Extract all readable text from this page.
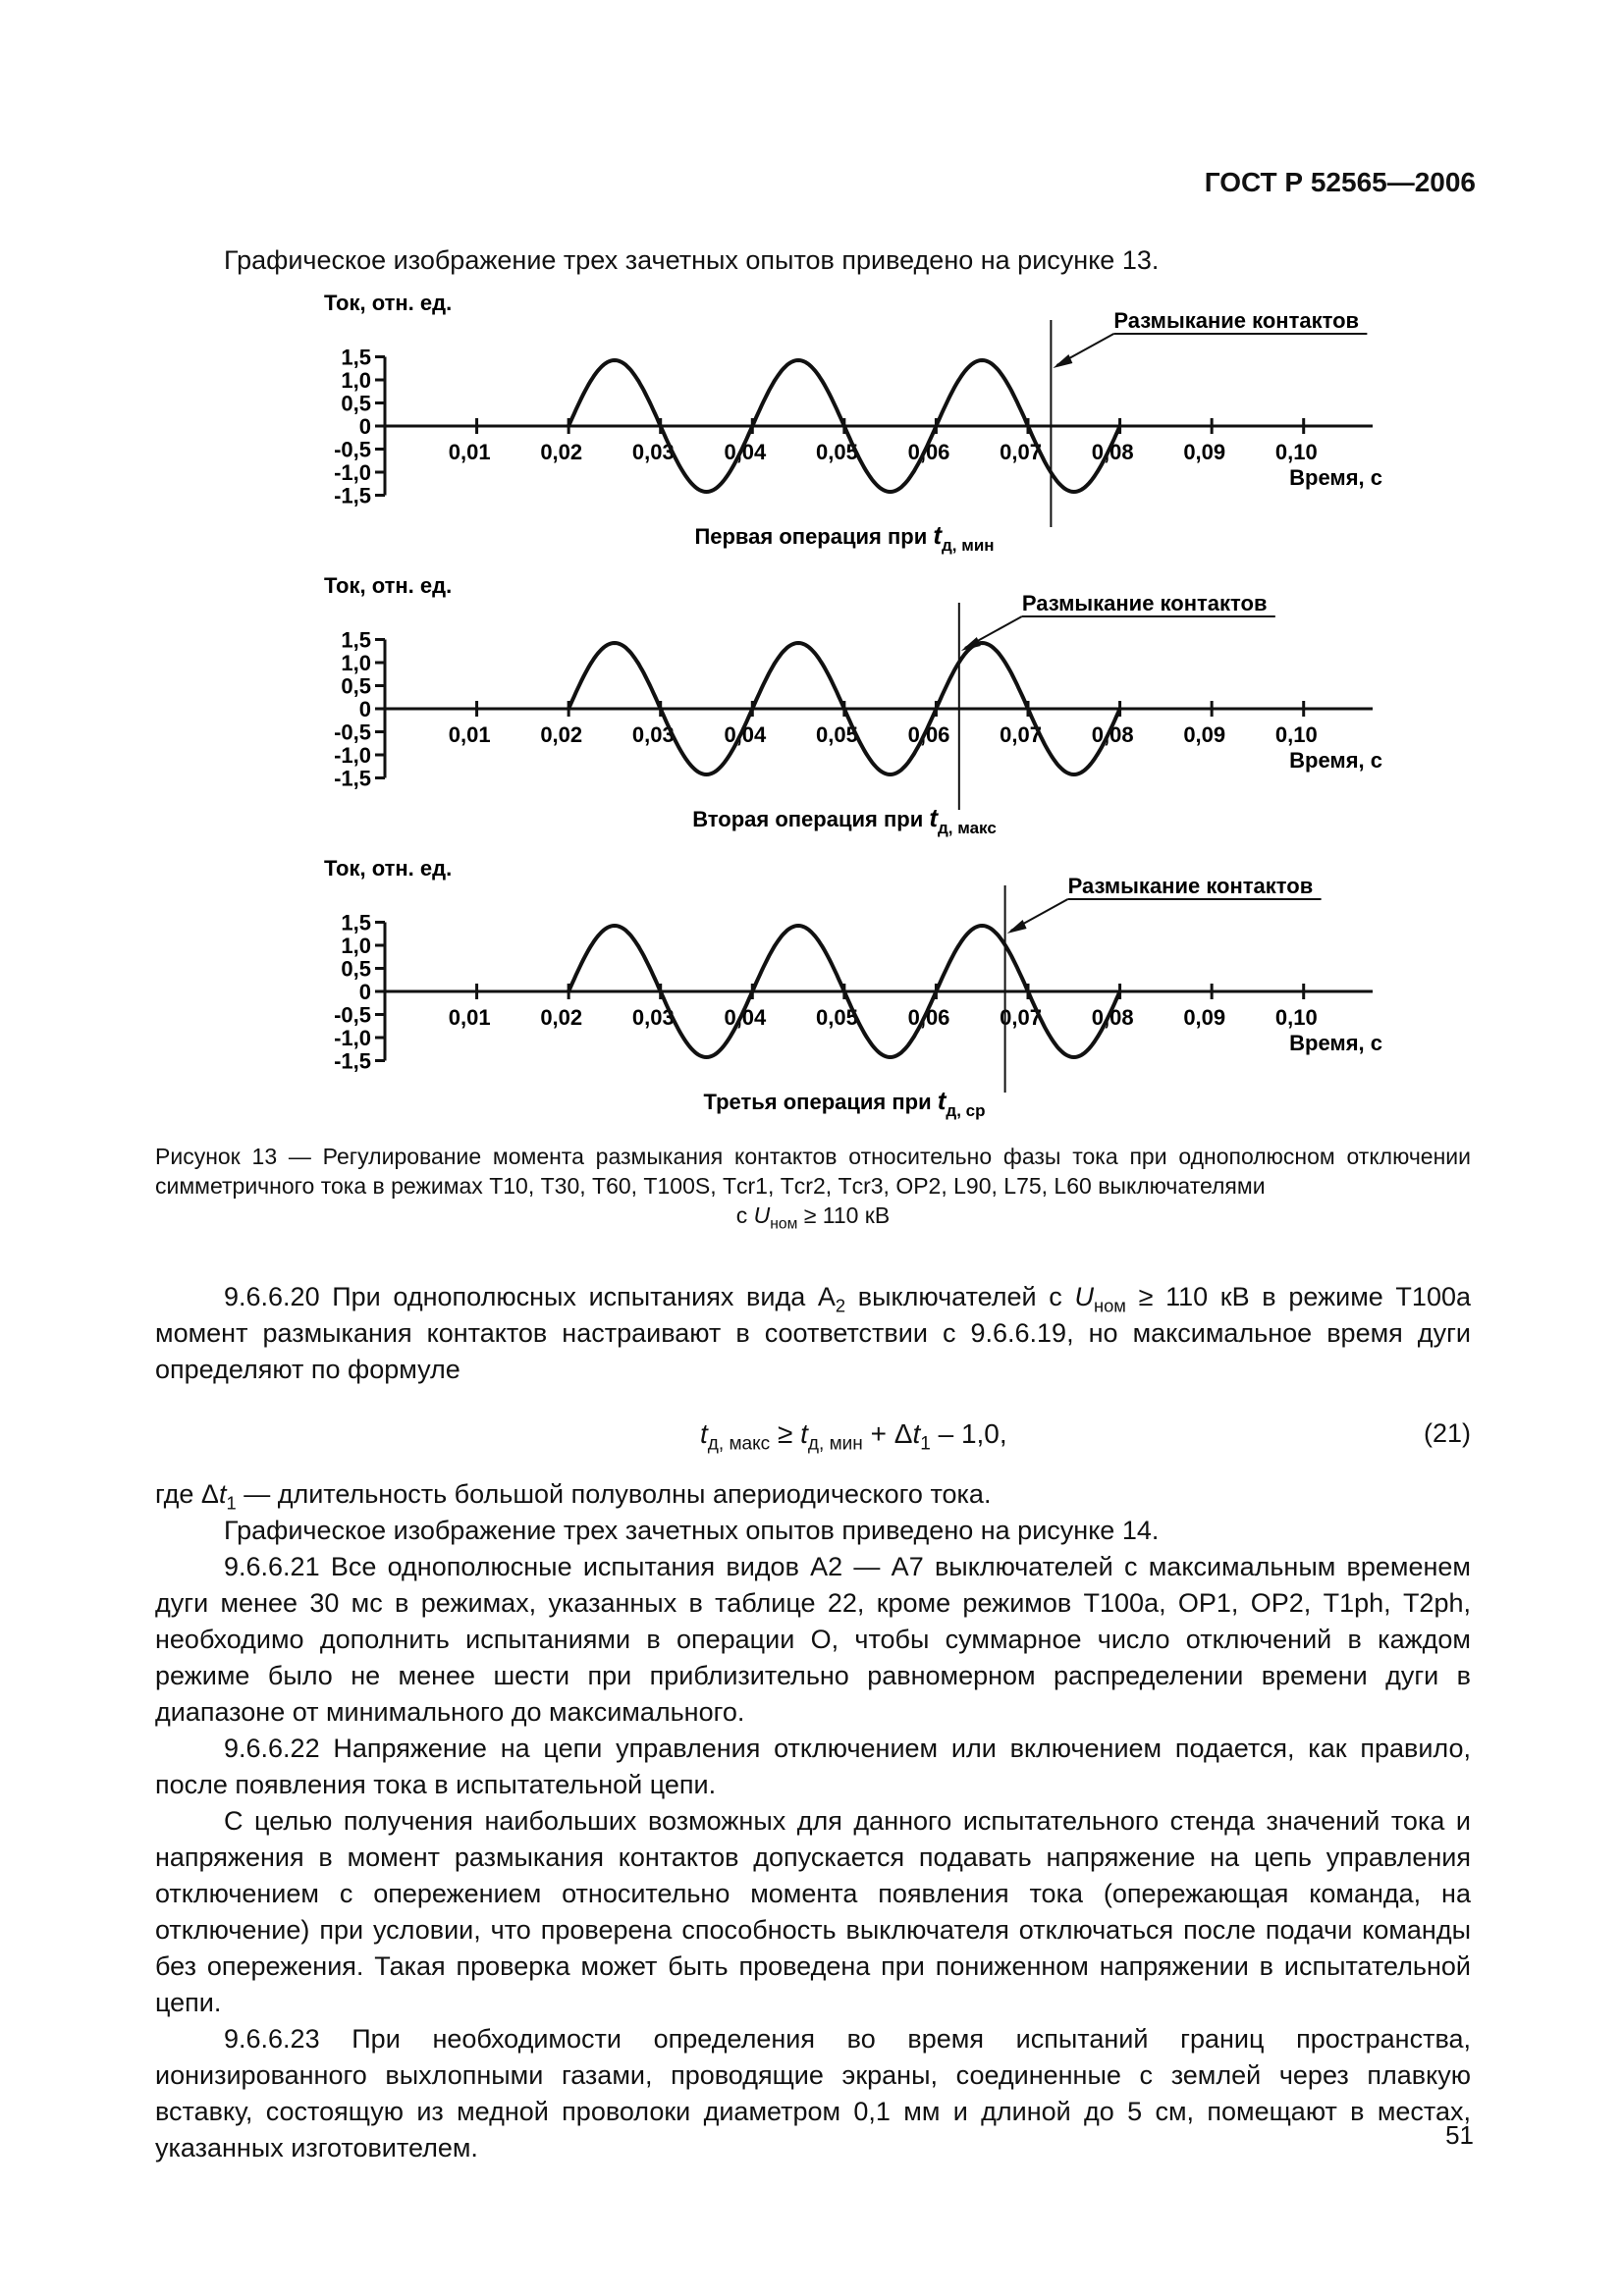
ГОСТ Р 52565—2006
Графическое изображение трех зачетных опытов приведено на рисунке 13.
Ток, отн. ед.
1,5
1,0
0,5
0
-0,5
-1,0
-1,5
0,01 0,02 0,03 0,04 0,05 0,06 0,07 0,08 0,09 0,10
Время, с
Размыкание контактов
Первая операция при $t_{д, мин}$
Ток, отн. ед.
1,5
1,0
0,5
0
-0,5
-1,0
-1,5
0,01 0,02 0,03 0,04 0,05 0,06 0,07 0,08 0,09 0,10
Время, с
Размыкание контактов
Вторая операция при $t_{д, макс}$
Ток, отн. ед.
1,5
1,0
0,5
0
-0,5
-1,0
-1,5
0,01 0,02 0,03 0,04 0,05 0,06 0,07 0,08 0,09 0,10
Время, с
Размыкание контактов
Третья операция при $t_{д, ср}$
Рисунок 13 — Регулирование момента размыкания контактов относительно фазы тока при однополюсном отключении симметричного тока в режимах Т10, Т30, Т60, Т100S, Тcr1, Тcr2, Тcr3, ОР2, L90, L75, L60 выключателями
с $U_{ном} \ge 110$ кВ

9.6.6.20 При однополюсных испытаниях вида $А_2$ выключателей с $U_{ном} \ge 110$ кВ в режиме Т100а момент размыкания контактов настраивают в соответствии с 9.6.6.19, но максимальное время дуги определяют по формуле

$t_{д, макс} \ge t_{д, мин} + \Delta t_1 - 1,0$,	(21)

где $\Delta t_1$ — длительность большой полуволны апериодического тока.

Графическое изображение трех зачетных опытов приведено на рисунке 14.

9.6.6.21 Все однополюсные испытания видов А2 — А7 выключателей с максимальным временем дуги менее 30 мс в режимах, указанных в таблице 22, кроме режимов Т100а, ОР1, ОР2, Т1ph, Т2ph, необходимо дополнить испытаниями в операции О, чтобы суммарное число отключений в каждом режиме было не менее шести при приблизительно равномерном распределении времени дуги в диапазоне от минимального до максимального.

9.6.6.22 Напряжение на цепи управления отключением или включением подается, как правило, после появления тока в испытательной цепи.

С целью получения наибольших возможных для данного испытательного стенда значений тока и напряжения в момент размыкания контактов допускается подавать напряжение на цепь управления отключением с опережением относительно момента появления тока (опережающая команда, на отключение) при условии, что проверена способность выключателя отключаться после подачи команды без опережения. Такая проверка может быть проведена при пониженном напряжении в испытательной цепи.

9.6.6.23 При необходимости определения во время испытаний границ пространства, ионизированного выхлопными газами, проводящие экраны, соединенные с землей через плавкую вставку, состоящую из медной проволоки диаметром 0,1 мм и длиной до 5 см, помещают в местах, указанных изготовителем.	51
